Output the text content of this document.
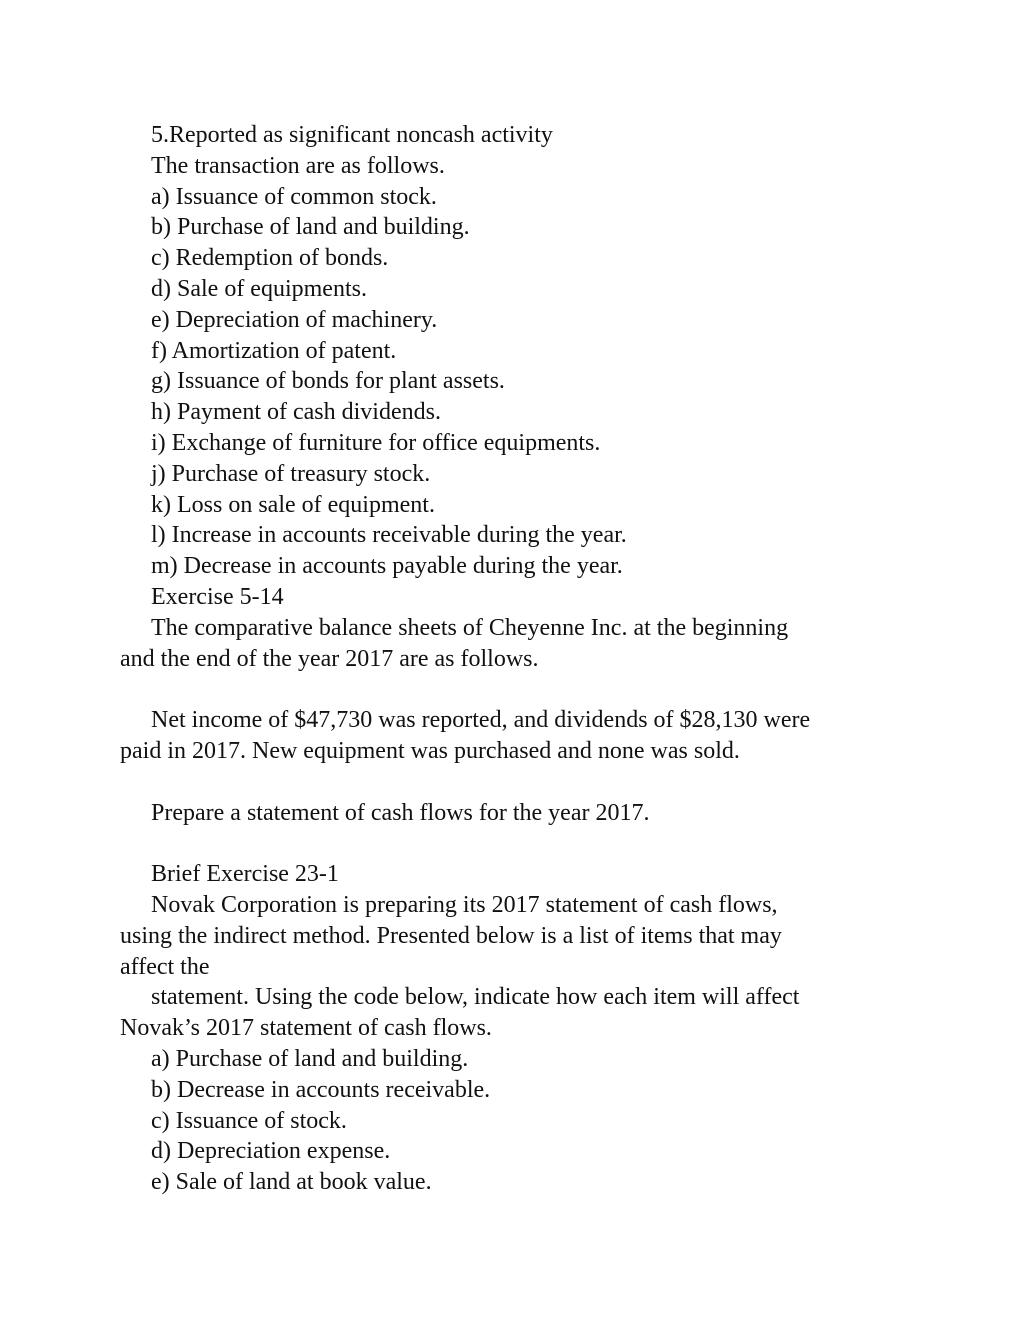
5.Reported as significant noncash activity

The transaction are as follows.

a) Issuance of common stock.

b) Purchase of land and building.

c) Redemption of bonds.

d) Sale of equipments.

e) Depreciation of machinery.

f) Amortization of patent.

g) Issuance of bonds for plant assets.

h) Payment of cash dividends.

i) Exchange of furniture for office equipments.

j) Purchase of treasury stock.

k) Loss on sale of equipment.

l) Increase in accounts receivable during the year.

m) Decrease in accounts payable during the year.

Exercise 5-14

The comparative balance sheets of Cheyenne Inc. at the beginning

and the end of the year 2017 are as follows.

Net income of $47,730 was reported, and dividends of $28,130 were

paid in 2017. New equipment was purchased and none was sold.

Prepare a statement of cash flows for the year 2017.

Brief Exercise 23-1

Novak Corporation is preparing its 2017 statement of cash flows,

using the indirect method. Presented below is a list of items that may

affect the

statement. Using the code below, indicate how each item will affect

Novak’s 2017 statement of cash flows.

a) Purchase of land and building.

b) Decrease in accounts receivable.

c) Issuance of stock.

d) Depreciation expense.

e) Sale of land at book value.
